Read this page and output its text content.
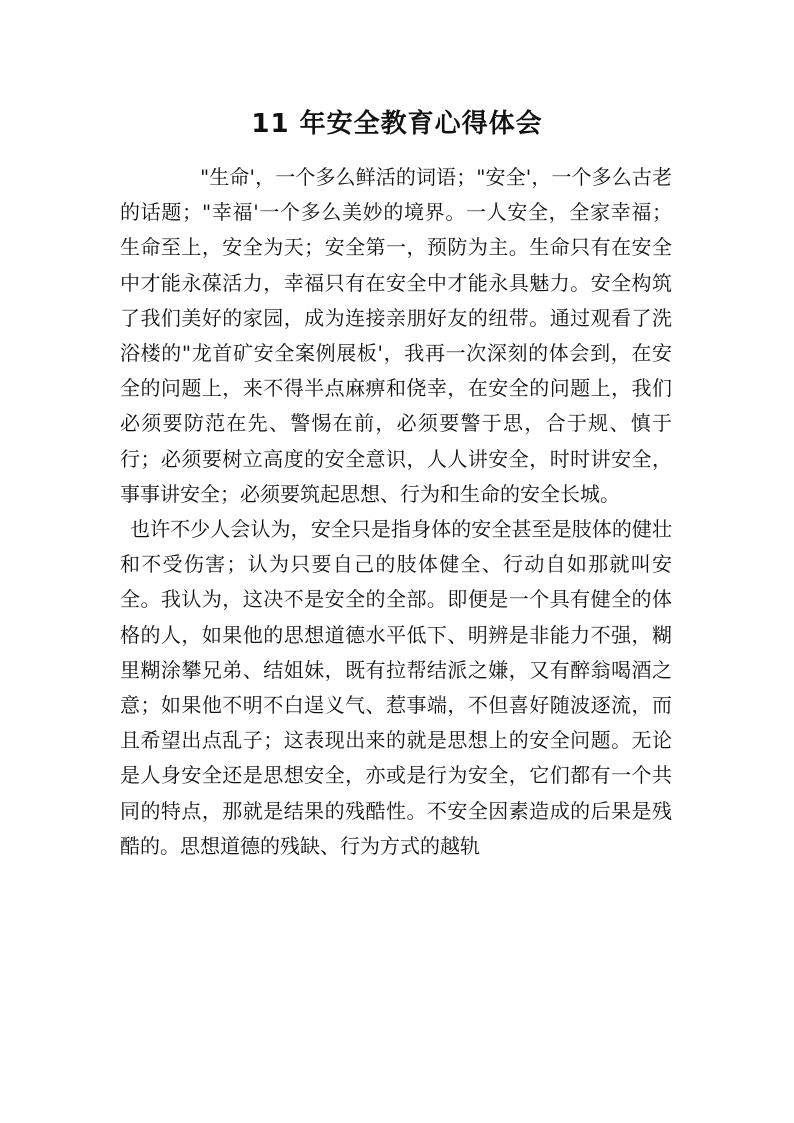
11 年安全教育心得体会

"生命'，一个多么鲜活的词语；"安全'，一个多么古老的话题；"幸福'一个多么美妙的境界。一人安全，全家幸福；生命至上，安全为天；安全第一，预防为主。生命只有在安全中才能永葆活力，幸福只有在安全中才能永具魅力。安全构筑了我们美好的家园，成为连接亲朋好友的纽带。通过观看了洗浴楼的"龙首矿安全案例展板'，我再一次深刻的体会到，在安全的问题上，来不得半点麻痹和侥幸，在安全的问题上，我们必须要防范在先、警惕在前，必须要警于思，合于规、慎于行；必须要树立高度的安全意识，人人讲安全，时时讲安全，事事讲安全；必须要筑起思想、行为和生命的安全长城。

也许不少人会认为，安全只是指身体的安全甚至是肢体的健壮和不受伤害；认为只要自己的肢体健全、行动自如那就叫安全。我认为，这决不是安全的全部。即便是一个具有健全的体格的人，如果他的思想道德水平低下、明辨是非能力不强，糊里糊涂攀兄弟、结姐妹，既有拉帮结派之嫌，又有醉翁喝酒之意；如果他不明不白逞义气、惹事端，不但喜好随波逐流，而且希望出点乱子；这表现出来的就是思想上的安全问题。无论是人身安全还是思想安全，亦或是行为安全，它们都有一个共同的特点，那就是结果的残酷性。不安全因素造成的后果是残酷的。思想道德的残缺、行为方式的越轨
